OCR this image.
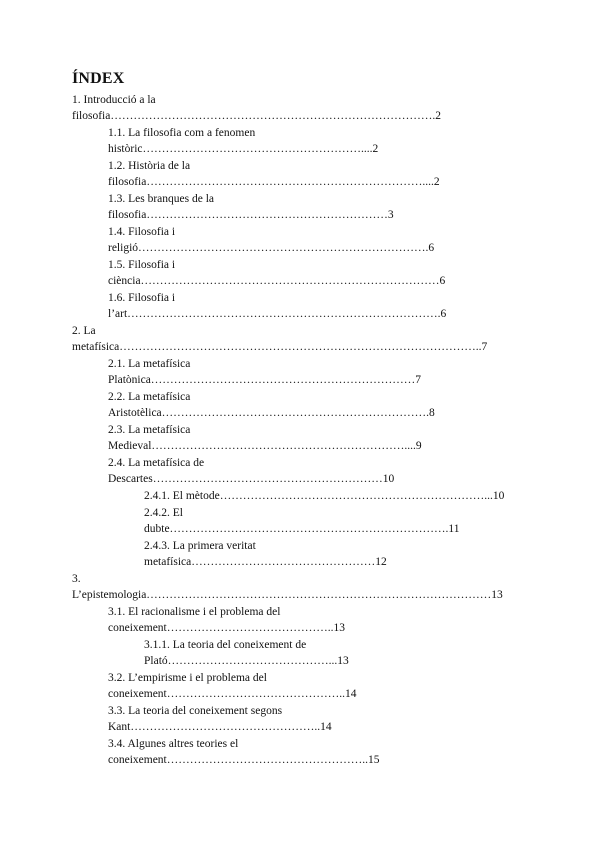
ÍNDEX
1. Introducció a la
filosofia………………………………………………………………………….2
1.1. La filosofia com a fenomen
històric…………………………………………………....2
1.2. Història de la
filosofia………………………………………………………………....2
1.3. Les branques de la
filosofia………………………………………………………3
1.4. Filosofia i
religió………………………………………………………………….6
1.5. Filosofia i
ciència……………………………………………………………………6
1.6. Filosofia i
l’art……………………………………………………………………….6
2. La
metafísica…………………………………………………………………………………..7
2.1. La metafísica
Platònica……………………………………………………………7
2.2. La metafísica
Aristotèlica…………………………………………………………….8
2.3. La metafísica
Medieval…………………………………………………………....9
2.4. La metafísica de
Descartes……………………………………………………10
2.4.1. El mètode……………………………………………………………...10
2.4.2. El
dubte……………………………………………………………….11
2.4.3. La primera veritat
metafísica…………………………………………12
3.
L’epistemologia………………………………………………………………………………13
3.1. El racionalisme i el problema del
coneixement……………………………………..13
3.1.1. La teoria del coneixement de
Plató……………………………………...13
3.2. L’empirisme i el problema del
coneixement………………………………………..14
3.3. La teoria del coneixement segons
Kant…………………………………………..14
3.4. Algunes altres teories el
coneixement……………………………………………..15
